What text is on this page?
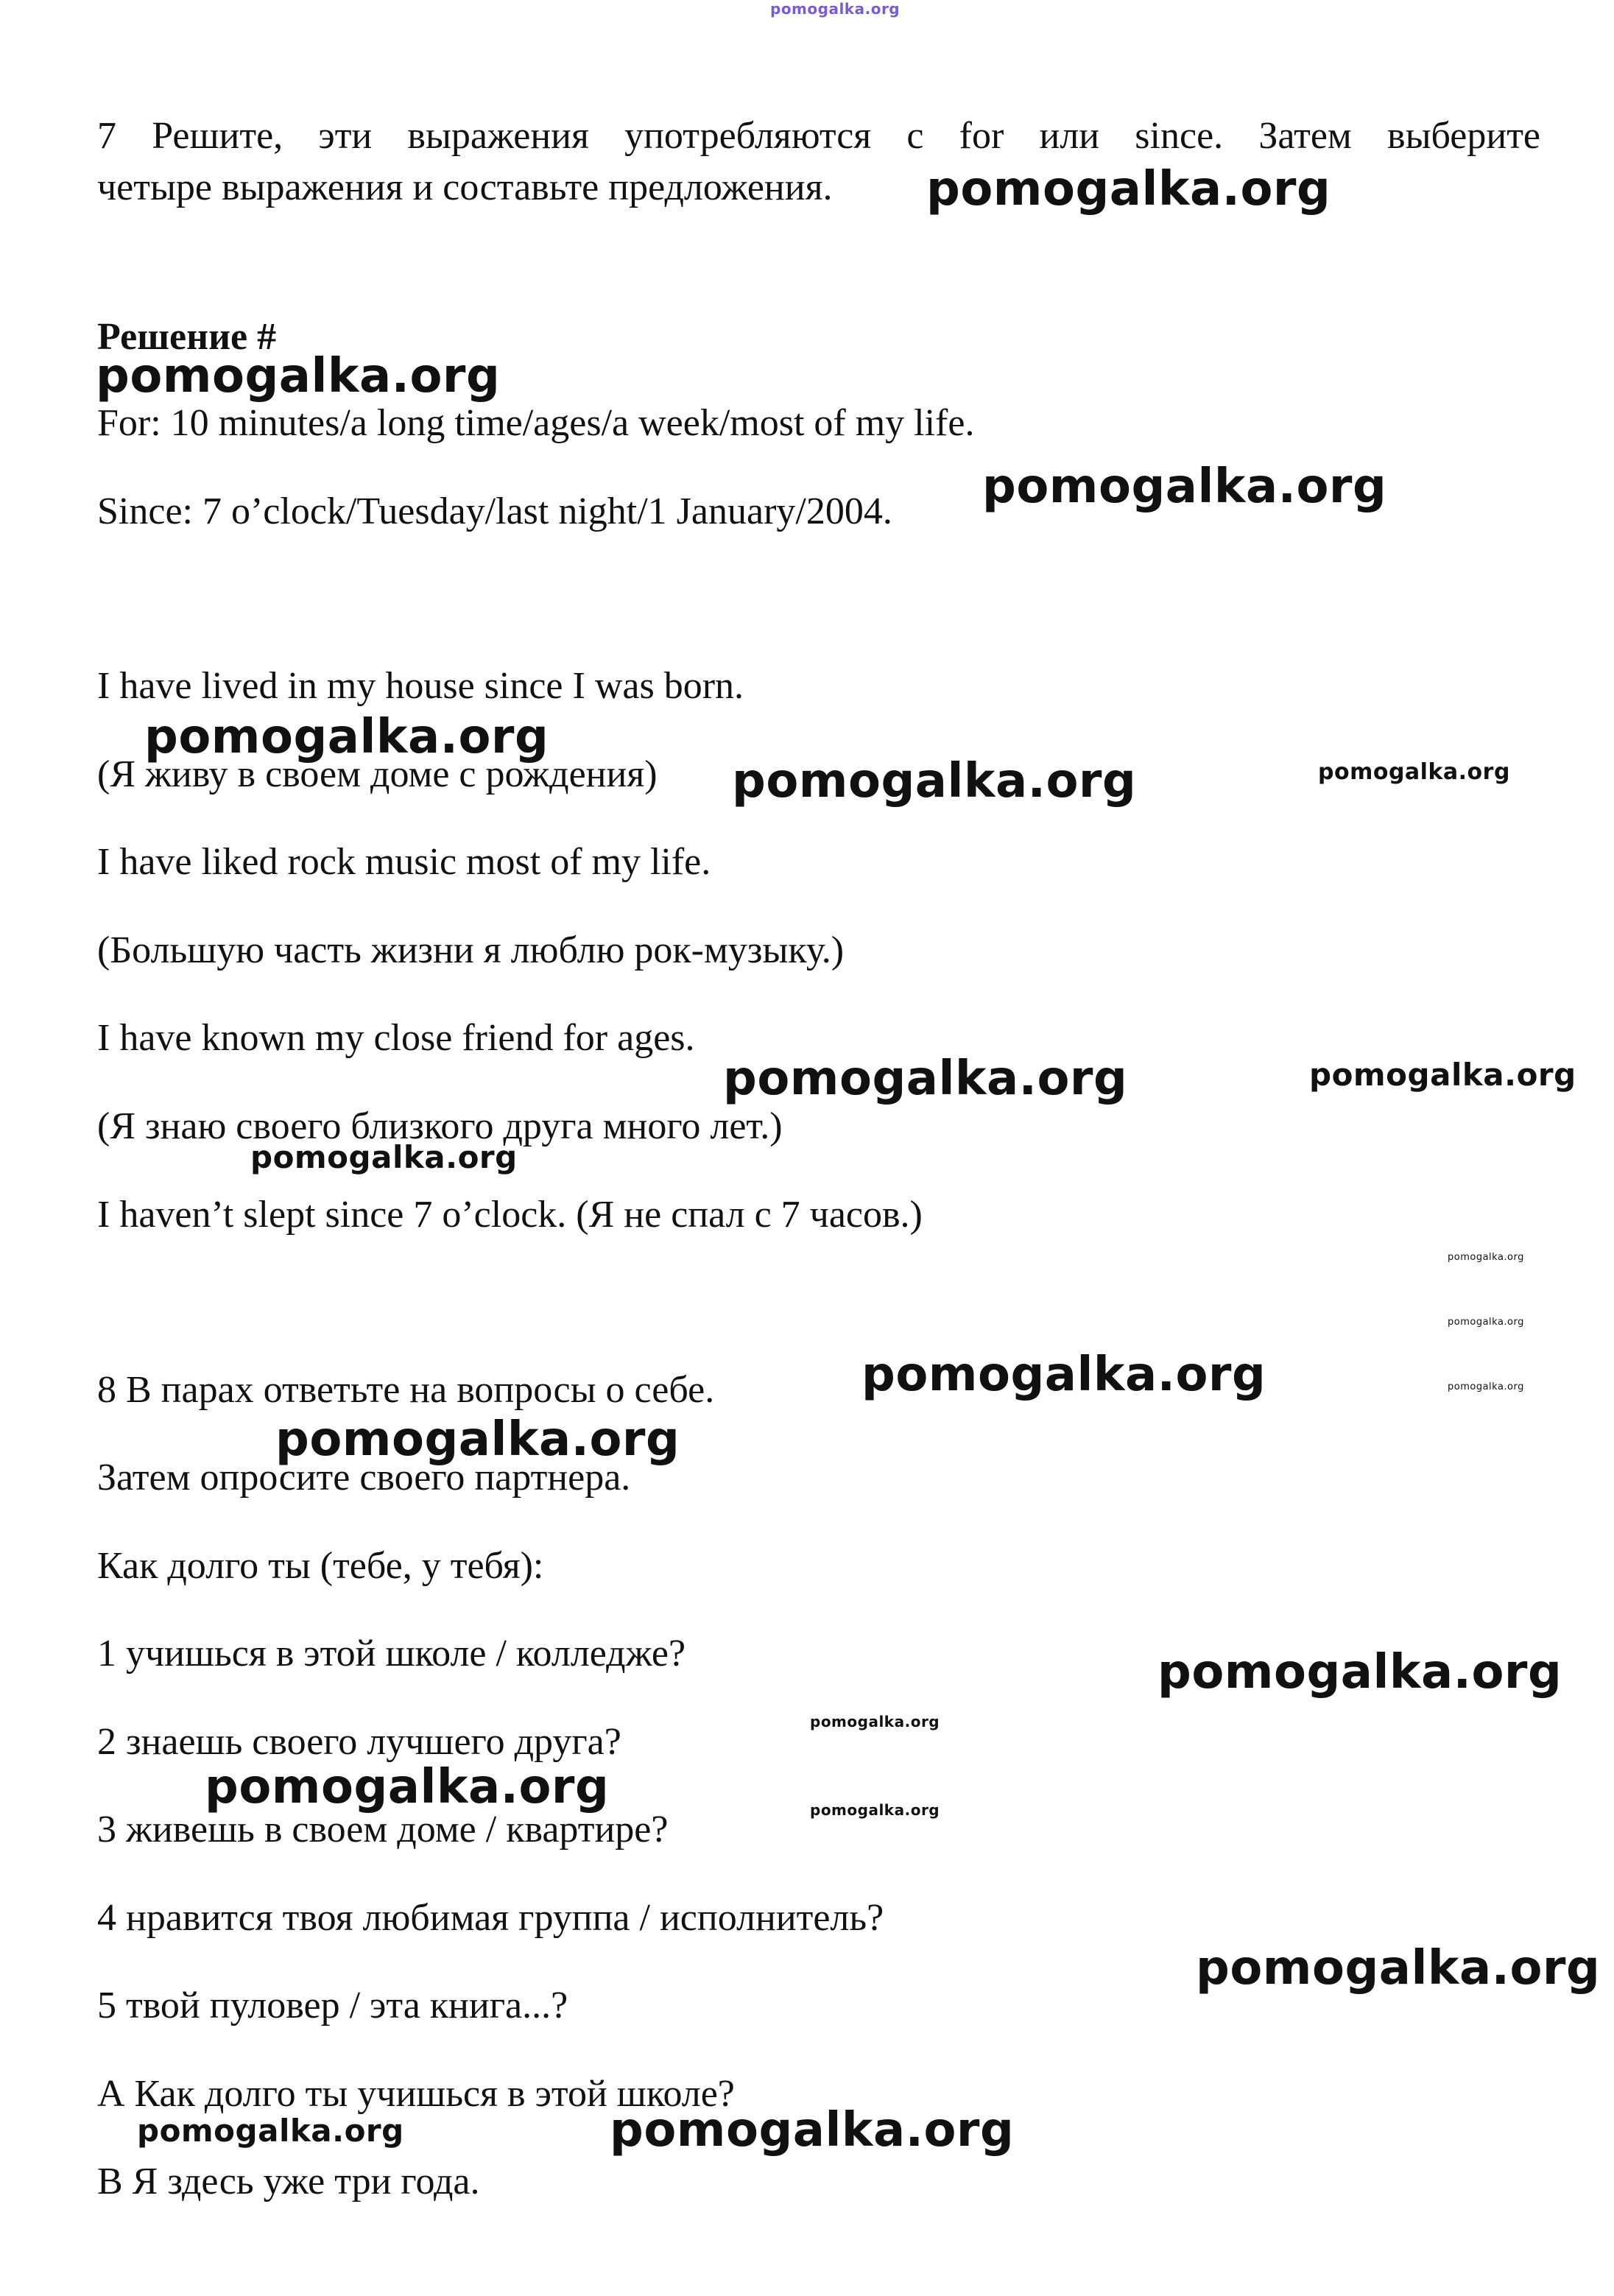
pomogalka.org
7 Решите, эти выражения употребляются с for или since. Затем выберите
четыре выражения и составьте предложения.
Решение #
For: 10 minutes/a long time/ages/a week/most of my life.
Since: 7 o’clock/Tuesday/last night/1 January/2004.
I have lived in my house since I was born.
(Я живу в своем доме с рождения)
I have liked rock music most of my life.
(Большую часть жизни я люблю рок-музыку.)
I have known my close friend for ages.
(Я знаю своего близкого друга много лет.)
I haven’t slept since 7 o’clock. (Я не спал с 7 часов.)
8 В парах ответьте на вопросы о себе.
Затем опросите своего партнера.
Как долго ты (тебе, у тебя):
1 учишься в этой школе / колледже?
2 знаешь своего лучшего друга?
3 живешь в своем доме / квартире?
4 нравится твоя любимая группа / исполнитель?
5 твой пуловер / эта книга...?
А Как долго ты учишься в этой школе?
В Я здесь уже три года.
pomogalka.org
pomogalka.org
pomogalka.org
pomogalka.org
pomogalka.org	pomogalka.org
pomogalka.org	pomogalka.org
pomogalka.org
pomogalka.org
pomogalka.org
pomogalka.org
pomogalka.org
pomogalka.org
pomogalka.org
pomogalka.org
pomogalka.org	pomogalka.org
pomogalka.org
pomogalka.org	pomogalka.org
